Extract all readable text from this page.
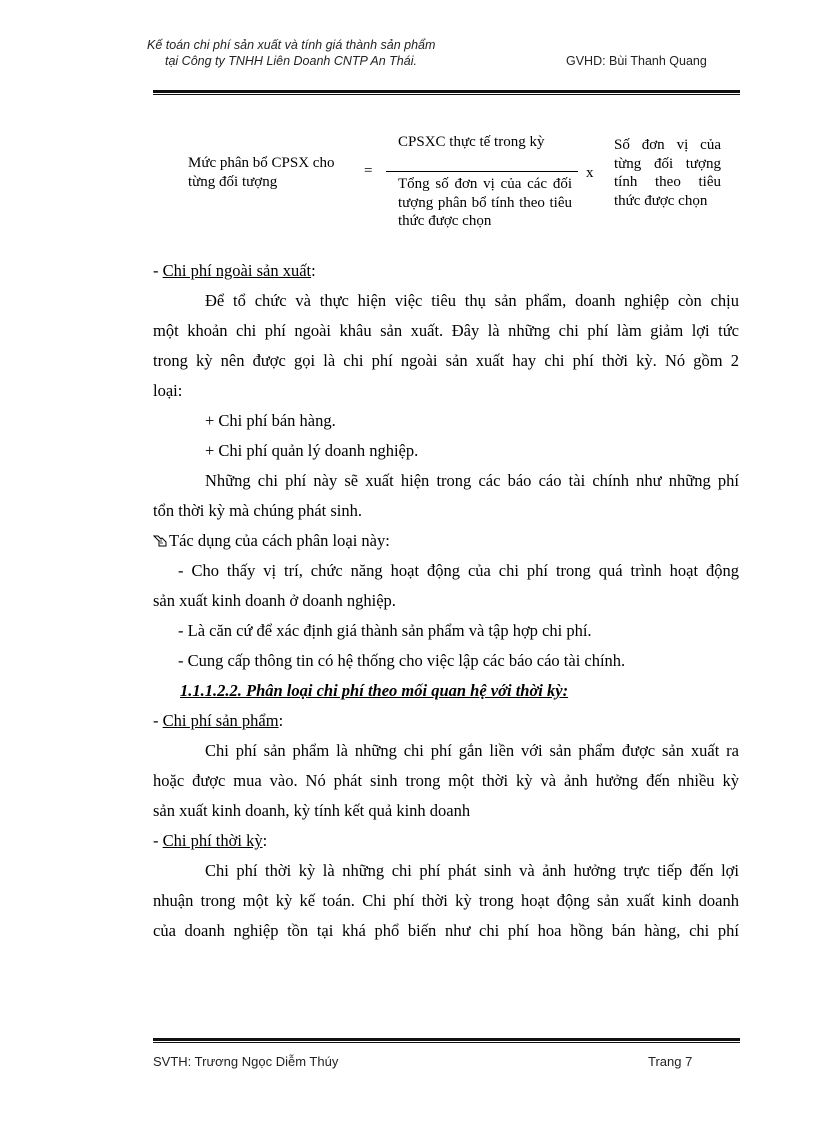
Kế toán chi phí sản xuất và tính giá thành sản phẩm
tại Công ty TNHH Liên Doanh CNTP An Thái.	GVHD: Bùi Thanh Quang
Mức phân bổ CPSX cho từng đối tượng
=
CPSXC thực tế trong kỳ
Tổng số đơn vị của các đối tượng phân bổ tính theo tiêu thức được chọn
x
Số đơn vị của từng đối tượng tính theo tiêu thức được chọn
- Chi phí ngoài sản xuất:
Để tổ chức và thực hiện việc tiêu thụ sản phẩm, doanh nghiệp còn chịu
một khoản chi phí ngoài khâu sản xuất. Đây là những chi phí làm giảm lợi tức
trong kỳ nên được gọi là chi phí ngoài sản xuất hay chi phí thời kỳ. Nó gồm 2
loại:
+ Chi phí bán hàng.
+ Chi phí quản lý doanh nghiệp.
Những chi phí này sẽ xuất hiện trong các báo cáo tài chính như những phí
tổn thời kỳ mà chúng phát sinh.
Tác dụng của cách phân loại này:
- Cho thấy vị trí, chức năng hoạt động của chi phí trong quá trình hoạt động
sản xuất kinh doanh ở doanh nghiệp.
- Là căn cứ để xác định giá thành sản phẩm và tập hợp chi phí.
- Cung cấp thông tin có hệ thống cho việc lập các báo cáo tài chính.
1.1.1.2.2. Phân loại chi phí theo mối quan hệ với thời kỳ:
- Chi phí sản phẩm:
Chi phí sản phẩm là những chi phí gắn liền với sản phẩm được sản xuất ra
hoặc được mua vào. Nó phát sinh trong một thời kỳ và ảnh hưởng đến nhiều kỳ
sản xuất kinh doanh, kỳ tính kết quả kinh doanh
- Chi phí thời kỳ:
Chi phí thời kỳ là những chi phí phát sinh và ảnh hưởng trực tiếp đến lợi
nhuận trong một kỳ kế toán. Chi phí thời kỳ trong hoạt động sản xuất kinh doanh
của doanh nghiệp tồn tại khá phổ biến như chi phí hoa hồng bán hàng, chi phí
SVTH: Trương Ngọc Diễm Thúy	Trang 7
